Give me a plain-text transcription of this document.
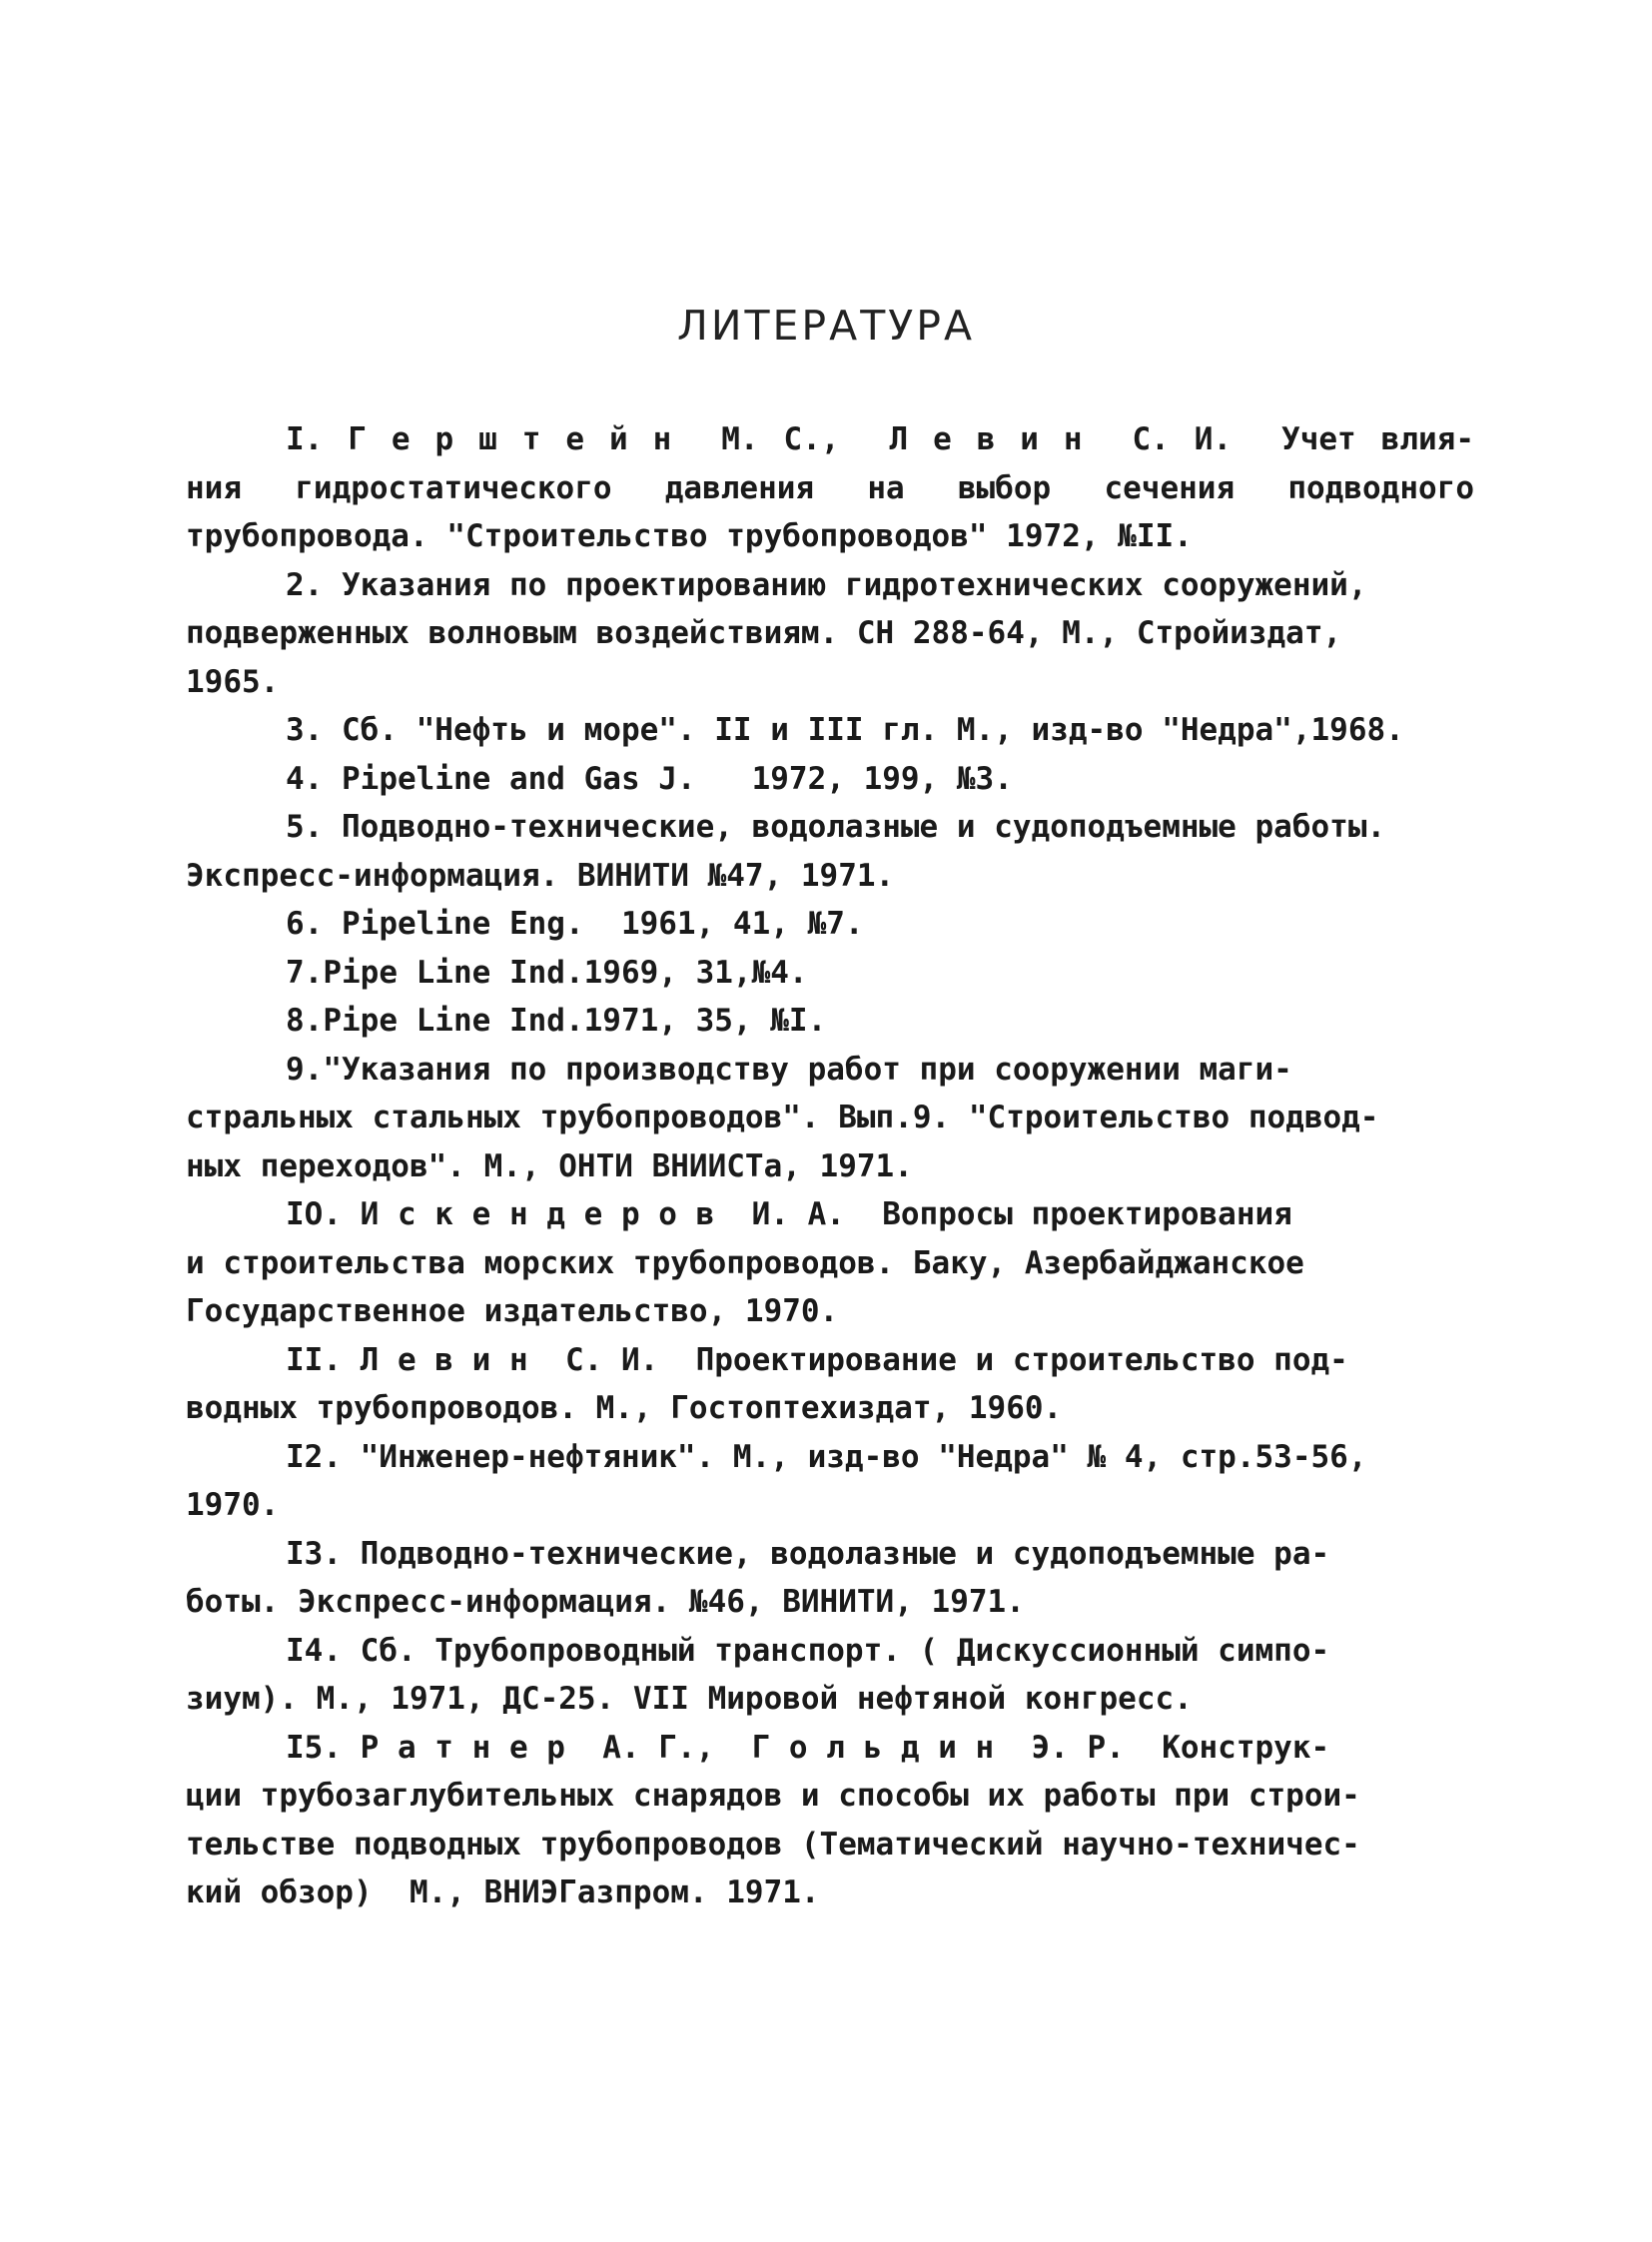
ЛИТЕРАТУРА
I. Г е р ш т е й н  М. С.,  Л е в и н  С. И.  Учет влия-
ния гидростатического давления на выбор сечения подводного
трубопровода. "Строительство трубопроводов" 1972, №II.
2. Указания по проектированию гидротехнических сооружений,
подверженных волновым воздействиям. СН 288-64, М., Стройиздат,
1965.
3. Сб. "Нефть и море". II и III гл. М., изд-во "Недра",1968.
4. Pipeline and Gas J.   1972, 199, №3.
5. Подводно-технические, водолазные и судоподъемные работы.
Экспресс-информация. ВИНИТИ №47, 1971.
6. Pipeline Eng.  1961, 41, №7.
7.Pipe Line Ind.1969, 31,№4.
8.Pipe Line Ind.1971, 35, №I.
9."Указания по производству работ при сооружении маги-
стральных стальных трубопроводов". Вып.9. "Строительство подвод-
ных переходов". М., ОНТИ ВНИИСТа, 1971.
IO. И с к е н д е р о в  И. А.  Вопросы проектирования
и строительства морских трубопроводов. Баку, Азербайджанское
Государственное издательство, 1970.
II. Л е в и н  С. И.  Проектирование и строительство под-
водных трубопроводов. М., Гостоптехиздат, 1960.
I2. "Инженер-нефтяник". М., изд-во "Недра" № 4, стр.53-56,
1970.
I3. Подводно-технические, водолазные и судоподъемные ра-
боты. Экспресс-информация. №46, ВИНИТИ, 1971.
I4. Сб. Трубопроводный транспорт. ( Дискуссионный симпо-
зиум). М., 1971, ДС-25. VII Мировой нефтяной конгресс.
I5. Р а т н е р  А. Г.,  Г о л ь д и н  Э. Р.  Конструк-
ции трубозаглубительных снарядов и способы их работы при строи-
тельстве подводных трубопроводов (Тематический научно-техничес-
кий обзор)  М., ВНИЭГазпром. 1971.
